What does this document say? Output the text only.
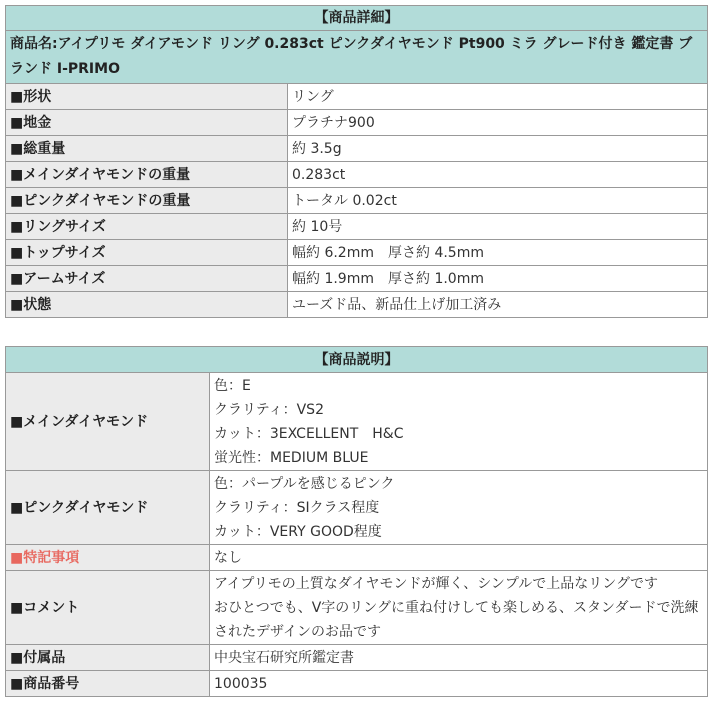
【商品詳細】	
商品名:アイプリモ ダイアモンド リング 0.283ct ピンクダイヤモンド Pt900 ミラ グレード付き 鑑定書 ブランド I-PRIMO	
■形状	リング
■地金	プラチナ900
■総重量	約 3.5g
■メインダイヤモンドの重量	0.283ct
■ピンクダイヤモンドの重量	トータル 0.02ct
■リングサイズ	約 10号
■トップサイズ	幅約 6.2mm　厚さ約 4.5mm
■アームサイズ	幅約 1.9mm　厚さ約 1.0mm
■状態	ユーズド品、新品仕上げ加工済み
【商品説明】	
■メインダイヤモンド	色：E
クラリティ：VS2
カット：3EXCELLENT　H&C
蛍光性：MEDIUM BLUE

■ピンクダイヤモンド	色：パープルを感じるピンク
クラリティ：SIクラス程度
カット：VERY GOOD程度

■特記事項	なし
■コメント	アイプリモの上質なダイヤモンドが輝く、シンプルで上品なリングです
おひとつでも、V字のリングに重ね付けしても楽しめる、スタンダードで洗練されたデザインのお品です

■付属品	中央宝石研究所鑑定書
■商品番号	100035
